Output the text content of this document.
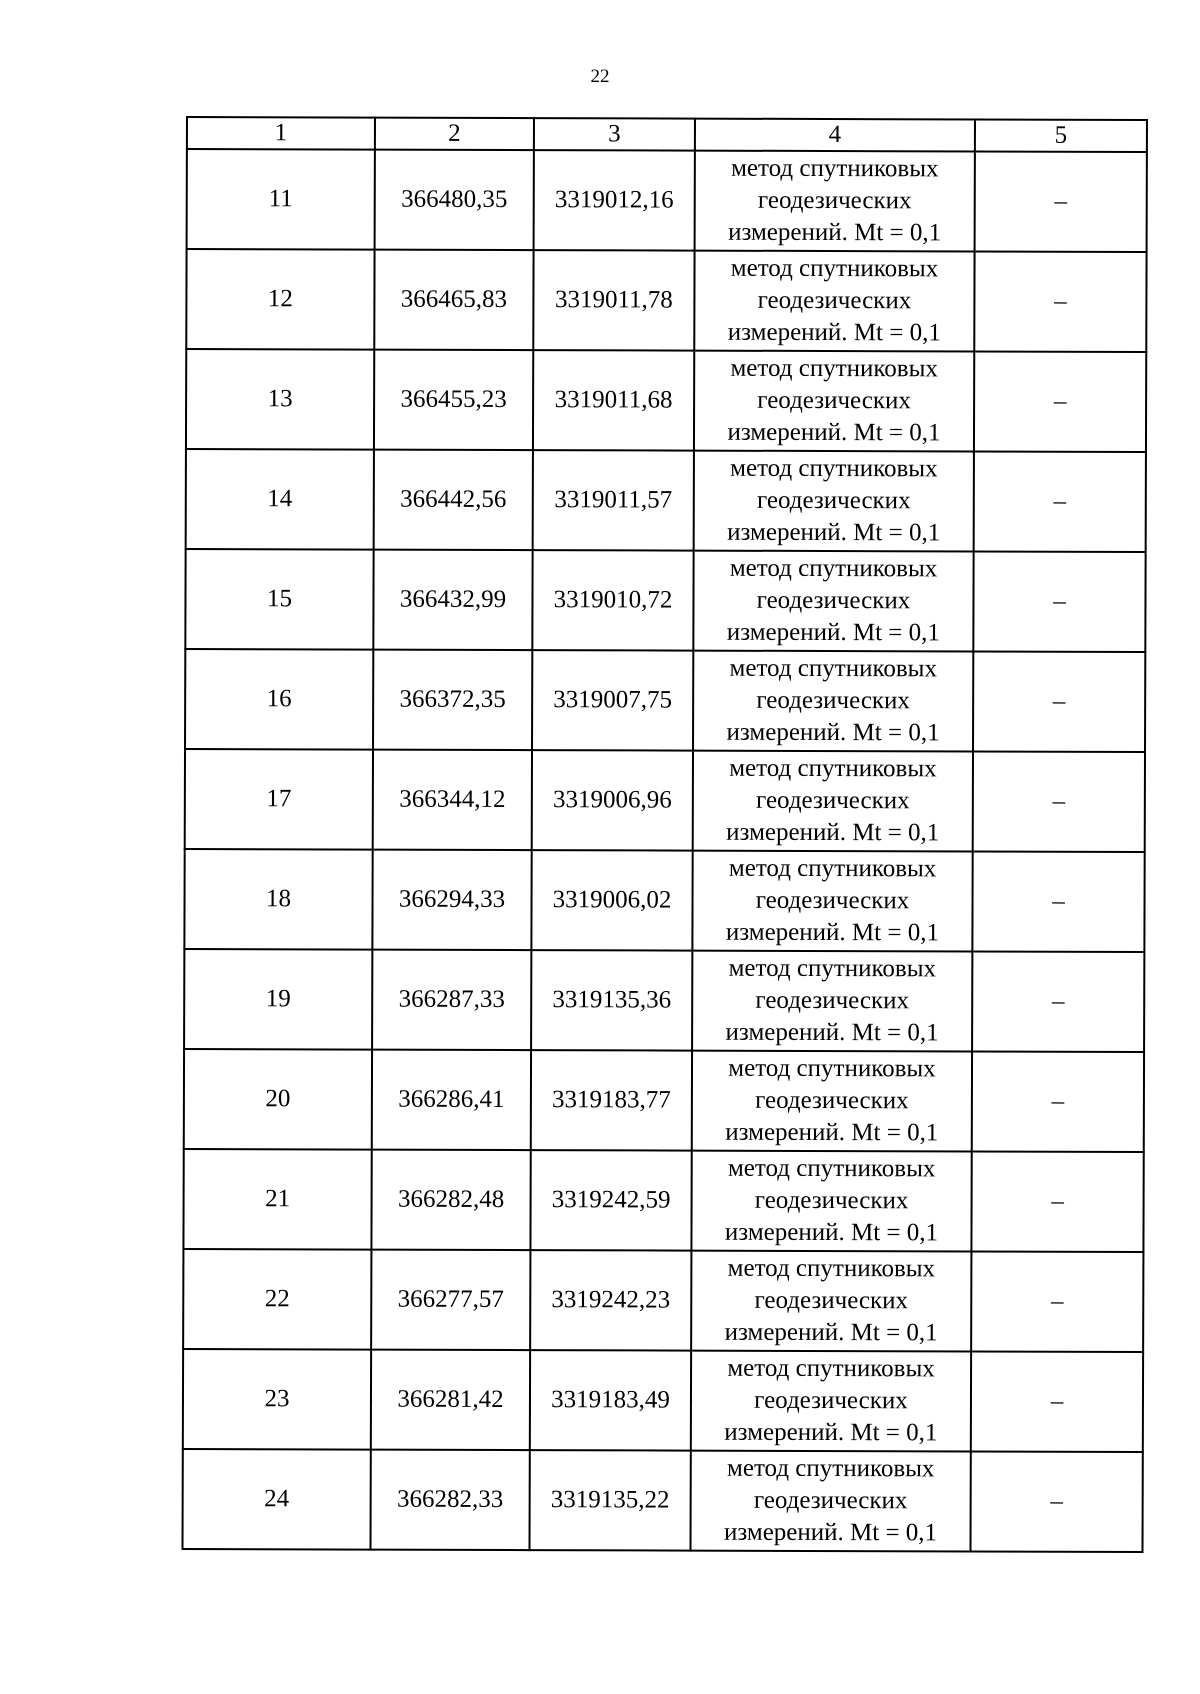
22
1	2	3	4	5
11	366480,35	3319012,16	метод спутниковых
геодезических
измерений. Mt = 0,1	–
12	366465,83	3319011,78	метод спутниковых
геодезических
измерений. Mt = 0,1	–
13	366455,23	3319011,68	метод спутниковых
геодезических
измерений. Mt = 0,1	–
14	366442,56	3319011,57	метод спутниковых
геодезических
измерений. Mt = 0,1	–
15	366432,99	3319010,72	метод спутниковых
геодезических
измерений. Mt = 0,1	–
16	366372,35	3319007,75	метод спутниковых
геодезических
измерений. Mt = 0,1	–
17	366344,12	3319006,96	метод спутниковых
геодезических
измерений. Mt = 0,1	–
18	366294,33	3319006,02	метод спутниковых
геодезических
измерений. Mt = 0,1	–
19	366287,33	3319135,36	метод спутниковых
геодезических
измерений. Mt = 0,1	–
20	366286,41	3319183,77	метод спутниковых
геодезических
измерений. Mt = 0,1	–
21	366282,48	3319242,59	метод спутниковых
геодезических
измерений. Mt = 0,1	–
22	366277,57	3319242,23	метод спутниковых
геодезических
измерений. Mt = 0,1	–
23	366281,42	3319183,49	метод спутниковых
геодезических
измерений. Mt = 0,1	–
24	366282,33	3319135,22	метод спутниковых
геодезических
измерений. Mt = 0,1	–
